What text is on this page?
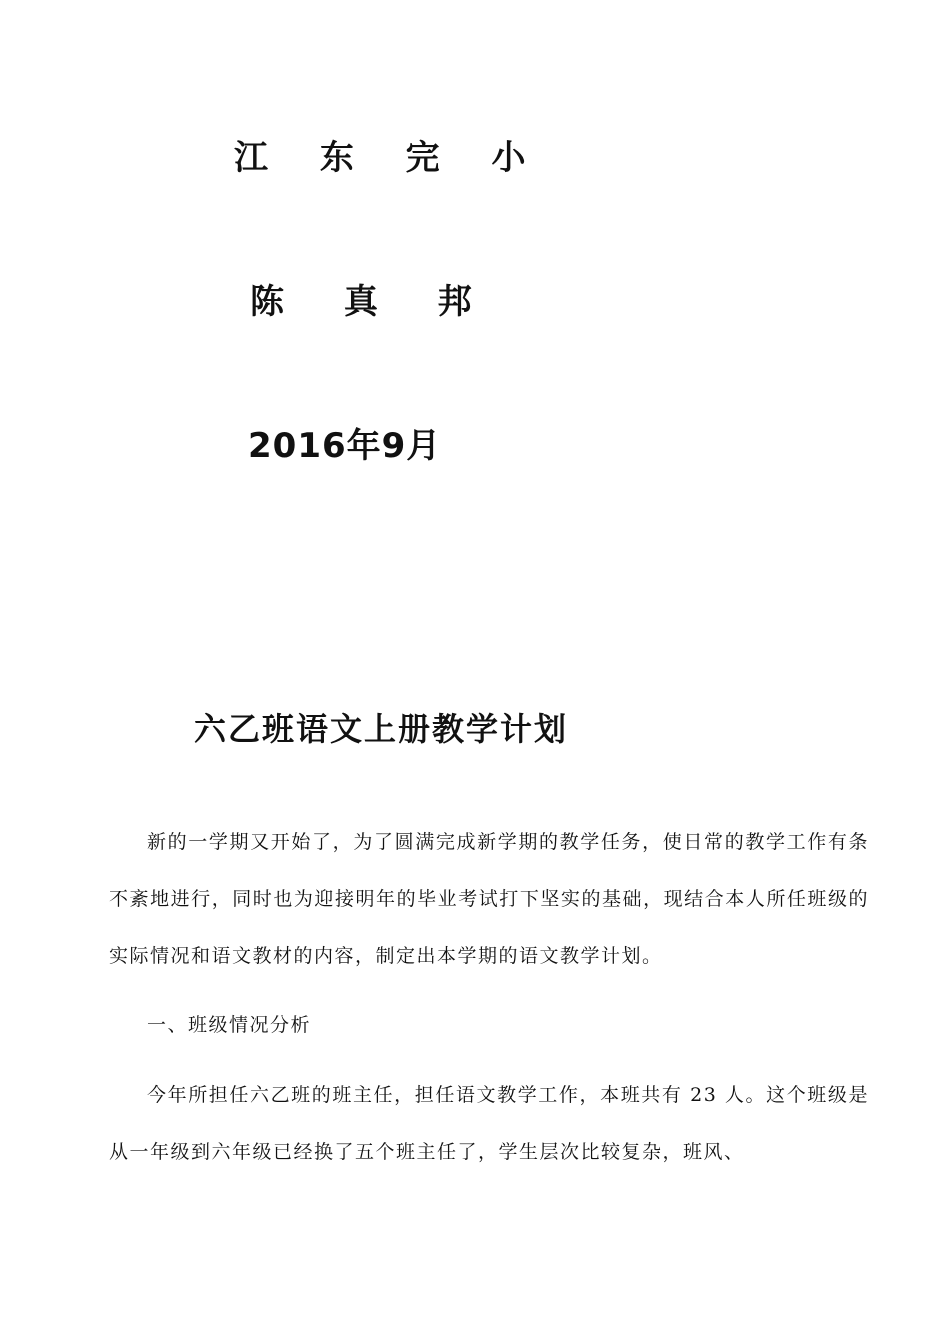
江 东 完 小

陈 真 邦

2016年9月

六乙班语文上册教学计划

新的一学期又开始了，为了圆满完成新学期的教学任务，使日常的教学工作有条不紊地进行，同时也为迎接明年的毕业考试打下坚实的基础，现结合本人所任班级的实际情况和语文教材的内容，制定出本学期的语文教学计划。

一、班级情况分析

今年所担任六乙班的班主任，担任语文教学工作，本班共有 23 人。这个班级是从一年级到六年级已经换了五个班主任了，学生层次比较复杂，班风、
